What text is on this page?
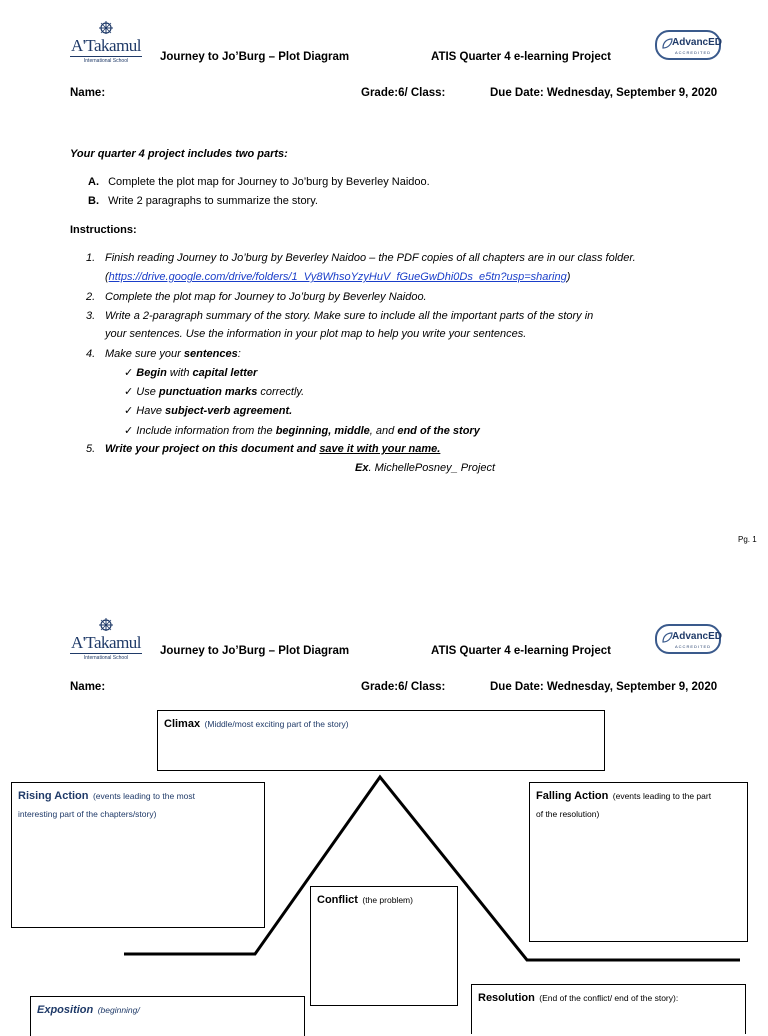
A'Takamul
International School	Journey to Jo’Burg – Plot Diagram	ATIS Quarter 4 e-learning Project
AdvancED
ACCREDITED
Name:	Grade:6/ Class:	Due Date: Wednesday, September 9, 2020
Your quarter 4 project includes two parts:
A. Complete the plot map for Journey to Jo’burg by Beverley Naidoo.
B. Write 2 paragraphs to summarize the story.
Instructions:
1. Finish reading Journey to Jo’burg by Beverley Naidoo – the PDF copies of all chapters are in our class folder.
(https://drive.google.com/drive/folders/1_Vy8WhsoYzyHuV_fGueGwDhi0Ds_e5tn?usp=sharing)
2. Complete the plot map for Journey to Jo’burg by Beverley Naidoo.
3. Write a 2-paragraph summary of the story. Make sure to include all the important parts of the story in
your sentences. Use the information in your plot map to help you write your sentences.
4. Make sure your sentences:
✓ Begin with capital letter
✓ Use punctuation marks correctly.
✓ Have subject-verb agreement.
✓ Include information from the beginning, middle, and end of the story
5. Write your project on this document and save it with your name.
Ex. MichellePosney_ Project
Pg. 1
A'Takamul
International School
Journey to Jo’Burg – Plot Diagram	ATIS Quarter 4 e-learning Project
AdvancED
ACCREDITED
Name:	Grade:6/ Class:	Due Date: Wednesday, September 9, 2020
Climax (Middle/most exciting part of the story)
Rising Action (events leading to the most
interesting part of the chapters/story)
Falling Action (events leading to the part
of the resolution)
Conflict (the problem)
Exposition (beginning/
Resolution (End of the conflict/ end of the story):
